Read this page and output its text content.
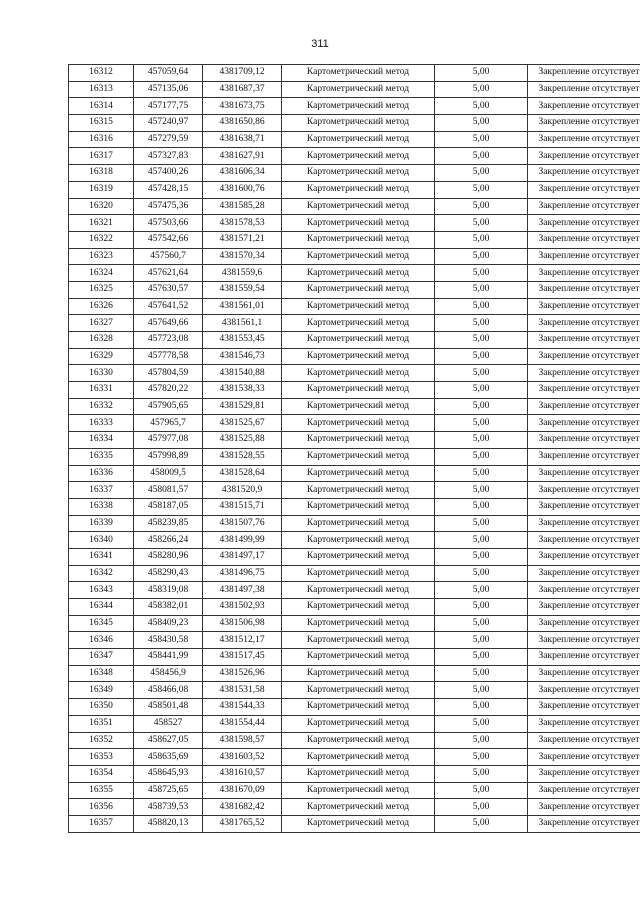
311
16312	457059,64	4381709,12	Картометрический метод	5,00	Закрепление отсутствует
16313	457135,06	4381687,37	Картометрический метод	5,00	Закрепление отсутствует
16314	457177,75	4381673,75	Картометрический метод	5,00	Закрепление отсутствует
16315	457240,97	4381650,86	Картометрический метод	5,00	Закрепление отсутствует
16316	457279,59	4381638,71	Картометрический метод	5,00	Закрепление отсутствует
16317	457327,83	4381627,91	Картометрический метод	5,00	Закрепление отсутствует
16318	457400,26	4381606,34	Картометрический метод	5,00	Закрепление отсутствует
16319	457428,15	4381600,76	Картометрический метод	5,00	Закрепление отсутствует
16320	457475,36	4381585,28	Картометрический метод	5,00	Закрепление отсутствует
16321	457503,66	4381578,53	Картометрический метод	5,00	Закрепление отсутствует
16322	457542,66	4381571,21	Картометрический метод	5,00	Закрепление отсутствует
16323	457560,7	4381570,34	Картометрический метод	5,00	Закрепление отсутствует
16324	457621,64	4381559,6	Картометрический метод	5,00	Закрепление отсутствует
16325	457630,57	4381559,54	Картометрический метод	5,00	Закрепление отсутствует
16326	457641,52	4381561,01	Картометрический метод	5,00	Закрепление отсутствует
16327	457649,66	4381561,1	Картометрический метод	5,00	Закрепление отсутствует
16328	457723,08	4381553,45	Картометрический метод	5,00	Закрепление отсутствует
16329	457778,58	4381546,73	Картометрический метод	5,00	Закрепление отсутствует
16330	457804,59	4381540,88	Картометрический метод	5,00	Закрепление отсутствует
16331	457820,22	4381538,33	Картометрический метод	5,00	Закрепление отсутствует
16332	457905,65	4381529,81	Картометрический метод	5,00	Закрепление отсутствует
16333	457965,7	4381525,67	Картометрический метод	5,00	Закрепление отсутствует
16334	457977,08	4381525,88	Картометрический метод	5,00	Закрепление отсутствует
16335	457998,89	4381528,55	Картометрический метод	5,00	Закрепление отсутствует
16336	458009,5	4381528,64	Картометрический метод	5,00	Закрепление отсутствует
16337	458081,57	4381520,9	Картометрический метод	5,00	Закрепление отсутствует
16338	458187,05	4381515,71	Картометрический метод	5,00	Закрепление отсутствует
16339	458239,85	4381507,76	Картометрический метод	5,00	Закрепление отсутствует
16340	458266,24	4381499,99	Картометрический метод	5,00	Закрепление отсутствует
16341	458280,96	4381497,17	Картометрический метод	5,00	Закрепление отсутствует
16342	458290,43	4381496,75	Картометрический метод	5,00	Закрепление отсутствует
16343	458319,08	4381497,38	Картометрический метод	5,00	Закрепление отсутствует
16344	458382,01	4381502,93	Картометрический метод	5,00	Закрепление отсутствует
16345	458409,23	4381506,98	Картометрический метод	5,00	Закрепление отсутствует
16346	458430,58	4381512,17	Картометрический метод	5,00	Закрепление отсутствует
16347	458441,99	4381517,45	Картометрический метод	5,00	Закрепление отсутствует
16348	458456,9	4381526,96	Картометрический метод	5,00	Закрепление отсутствует
16349	458466,08	4381531,58	Картометрический метод	5,00	Закрепление отсутствует
16350	458501,48	4381544,33	Картометрический метод	5,00	Закрепление отсутствует
16351	458527	4381554,44	Картометрический метод	5,00	Закрепление отсутствует
16352	458627,05	4381598,57	Картометрический метод	5,00	Закрепление отсутствует
16353	458635,69	4381603,52	Картометрический метод	5,00	Закрепление отсутствует
16354	458645,93	4381610,57	Картометрический метод	5,00	Закрепление отсутствует
16355	458725,65	4381670,09	Картометрический метод	5,00	Закрепление отсутствует
16356	458739,53	4381682,42	Картометрический метод	5,00	Закрепление отсутствует
16357	458820,13	4381765,52	Картометрический метод	5,00	Закрепление отсутствует
